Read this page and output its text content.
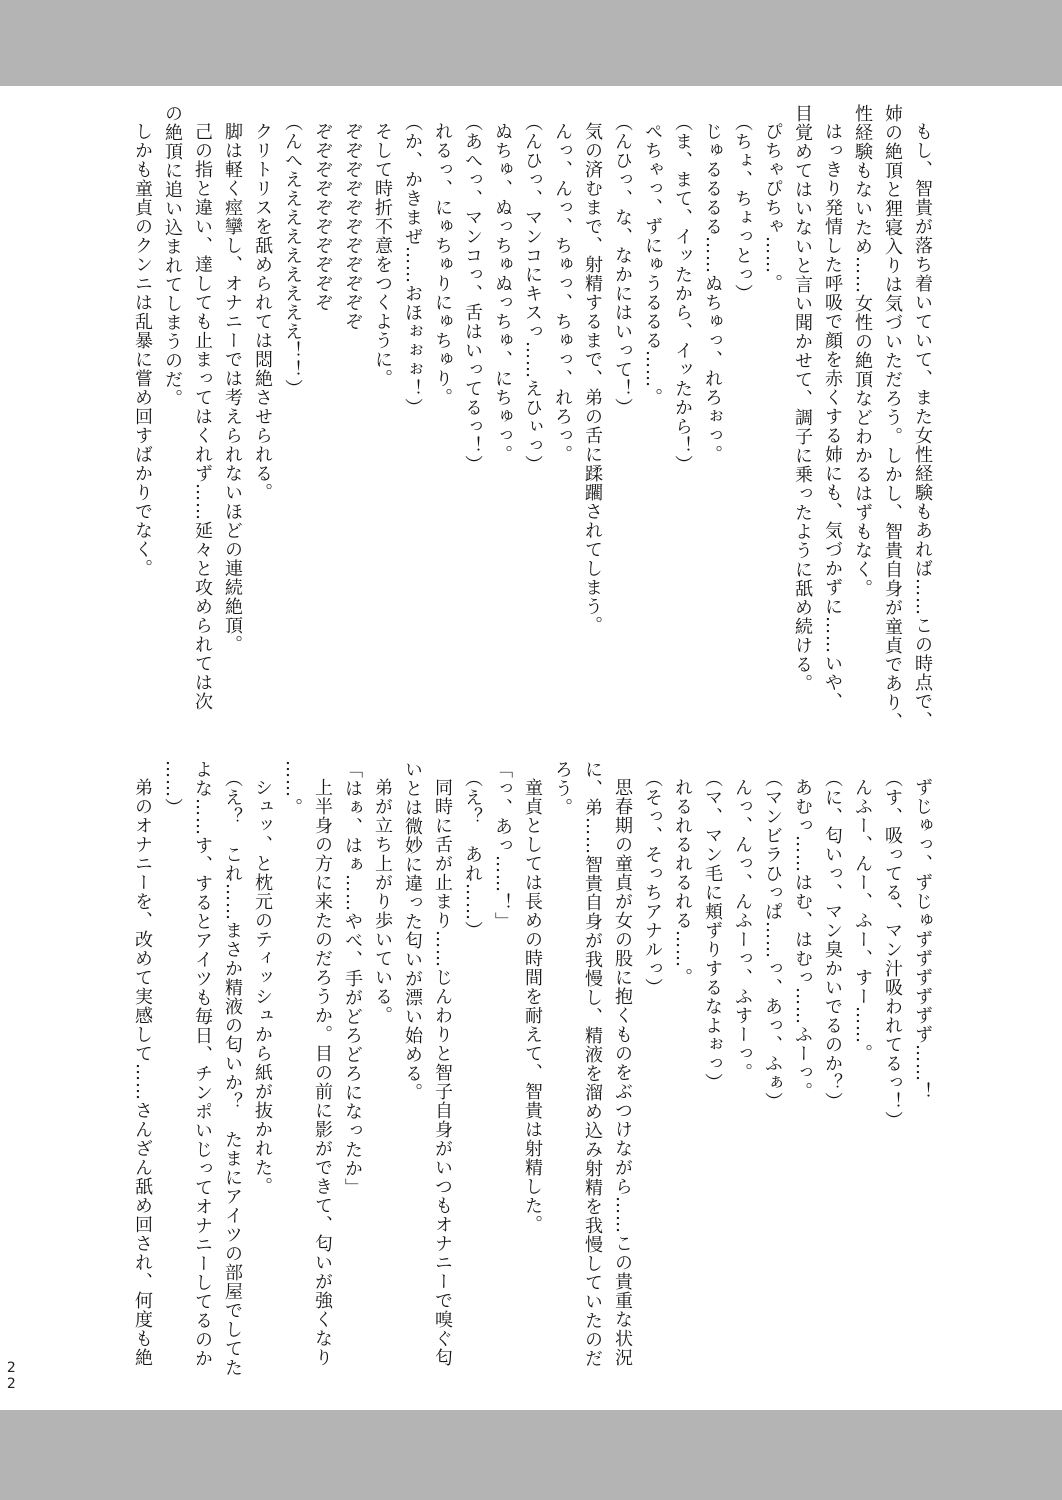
もし、智貴が落ち着いていて、また女性経験もあれば……この時点で、

姉の絶頂と狸寝入りは気づいただろう。しかし、智貴自身が童貞であり、

性経験もないため……女性の絶頂などわかるはずもなく。

はっきり発情した呼吸で顔を赤くする姉にも、気づかずに……いや、

目覚めてはいないと言い聞かせて、調子に乗ったように舐め続ける。

ぴちゃぴちゃ……。

（ちょ、ちょっとっ）

じゅるるるる……ぬちゅっ、れろぉっ。

（ま、まて、イッたから、イッたから！）

ぺちゃっ、ずにゅうるるる……。

（んひっ、な、なかにはいって！）

気の済むまで、射精するまで、弟の舌に蹂躙されてしまう。

んっ、んっ、ちゅっ、ちゅっ、れろっ。

（んひっ、マンコにキスっ……えひぃっ）

ぬちゅ、ぬっちゅぬっちゅ、にちゅっ。

（あへっ、マンコっ、舌はいってるっ！）

れるっ、にゅちゅりにゅちゅり。

（か、かきまぜ……おほぉぉぉ！）

そして時折不意をつくように。

ぞぞぞぞぞぞぞぞぞぞぞ

ぞぞぞぞぞぞぞぞぞぞ

（んへえええええええええ！！）

クリトリスを舐められては悶絶させられる。

脚は軽く痙攣し、オナニーでは考えられないほどの連続絶頂。

己の指と違い、達しても止まってはくれず……延々と攻められては次

の絶頂に追い込まれてしまうのだ。

しかも童貞のクンニは乱暴に嘗め回すばかりでなく。

ずじゅっ、ずじゅずずずずずず……！

（す、吸ってる、マン汁吸われてるっ！）

んふー、んー、ふー、すー……。

（に、匂いっ、マン臭かいでるのか？）

あむっ……はむ、はむっ……ふーっ。

（マンビラひっぱ……っ、あっ、ふぁ）

んっ、んっ、んふーっ、ふすーっ。

（マ、マン毛に頬ずりするなよぉっ）

れるれるれるれる……。

（そっ、そっちアナルっ）

思春期の童貞が女の股に抱くものをぶつけながら……この貴重な状況

に、弟……智貴自身が我慢し、精液を溜め込み射精を我慢していたのだ

ろう。

童貞としては長めの時間を耐えて、智貴は射精した。

「っ、あっ……！」

（え？　あれ……）

同時に舌が止まり……じんわりと智子自身がいつもオナニーで嗅ぐ匂

いとは微妙に違った匂いが漂い始める。

弟が立ち上がり歩いている。

「はぁ、はぁ……やべ、手がどろどろになったか」

上半身の方に来たのだろうか。目の前に影ができて、匂いが強くなり

……。

シュッ、と枕元のティッシュから紙が抜かれた。

（え？　これ……まさか精液の匂いか？　たまにアイツの部屋でしてた

よな……す、するとアイツも毎日、チンポいじってオナニーしてるのか

……）

弟のオナニーを、改めて実感して……さんざん舐め回され、何度も絶

22
